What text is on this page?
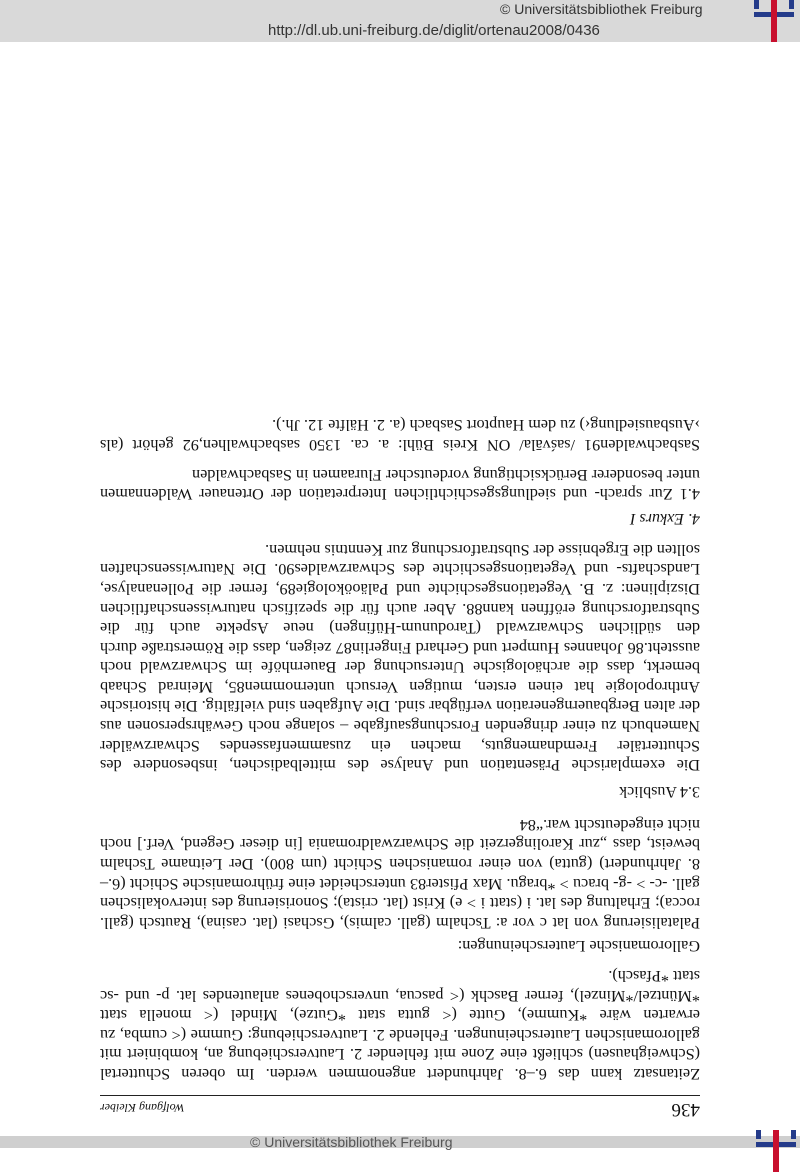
© Universitätsbibliothek Freiburg
http://dl.ub.uni-freiburg.de/diglit/ortenau2008/0436
436
Wolfgang Kleiber

Zeitansatz kann das 6.–8. Jahrhundert angenommen werden. Im oberen Schuttertal (Schweighausen) schließt eine Zone mit fehlender 2. Lautverschiebung an, kombiniert mit galloromanischen Lauterscheinungen. Fehlende 2. Lautverschiebung: Gumme (< cumba, zu erwarten wäre *Kumme), Gutte (< gutta statt *Gutze), Mindel (< monella statt *Müntzel/*Minzel), ferner Baschk (< pascua, unverschobenes anlautendes lat. p- und -sc statt *Pfasch).

Galloromanische Lauterscheinungen:

Palatalisierung von lat c vor a: Tschalm (gall. calmis), Gschasi (lat. casina), Rautsch (gall. rocca); Erhaltung des lat. i (statt i > e) Krist (lat. crista); Sonorisierung des intervokalischen gall. -c- > -g- bracu > *bragu. Max Pfister83 unterscheidet eine frühromanische Schicht (6.–8. Jahrhundert) (gutta) von einer romanischen Schicht (um 800). Der Leitname Tschalm beweist, dass „zur Karolingerzeit die Schwarzwaldromania [in dieser Gegend, Verf.] noch nicht eingedeutscht war.“84

3.4 Ausblick

Die exemplarische Präsentation und Analyse des mittelbadischen, insbesondere des Schuttertäler Fremdnamenguts, machen ein zusammenfassendes Schwarzwälder Namenbuch zu einer dringenden Forschungsaufgabe – solange noch Gewährspersonen aus der alten Bergbauerngeneration verfügbar sind. Die Aufgaben sind vielfältig. Die historische Anthropologie hat einen ersten, mutigen Versuch unternommen85, Meinrad Schaab bemerkt, dass die archäologische Untersuchung der Bauernhöfe im Schwarzwald noch aussteht.86 Johannes Humpert und Gerhard Fingerlin87 zeigen, dass die Römerstraße durch den südlichen Schwarzwald (Tarodunum-Hüfingen) neue Aspekte auch für die Substratforschung eröffnen kann88. Aber auch für die spezifisch naturwissenschaftlichen Disziplinen: z. B. Vegetationsgeschichte und Paläoökologie89, ferner die Pollenanalyse, Landschafts- und Vegetationsgeschichte des Schwarzwaldes90. Die Naturwissenschaften sollten die Ergebnisse der Substratforschung zur Kenntnis nehmen.

4. Exkurs I

4.1 Zur sprach- und siedlungsgeschichtlichen Interpretation der Ortenauer Waldennamen unter besonderer Berücksichtigung vordeutscher Fluraamen in Sasbachwalden

Sasbachwalden91 /saśvāla/ ON Kreis Bühl: a. ca. 1350 sasbachwalhen,92 gehört (als ›Ausbausiedlung‹) zu dem Hauptort Sasbach (a. 2. Hälfte 12. Jh.).

© Universitätsbibliothek Freiburg
